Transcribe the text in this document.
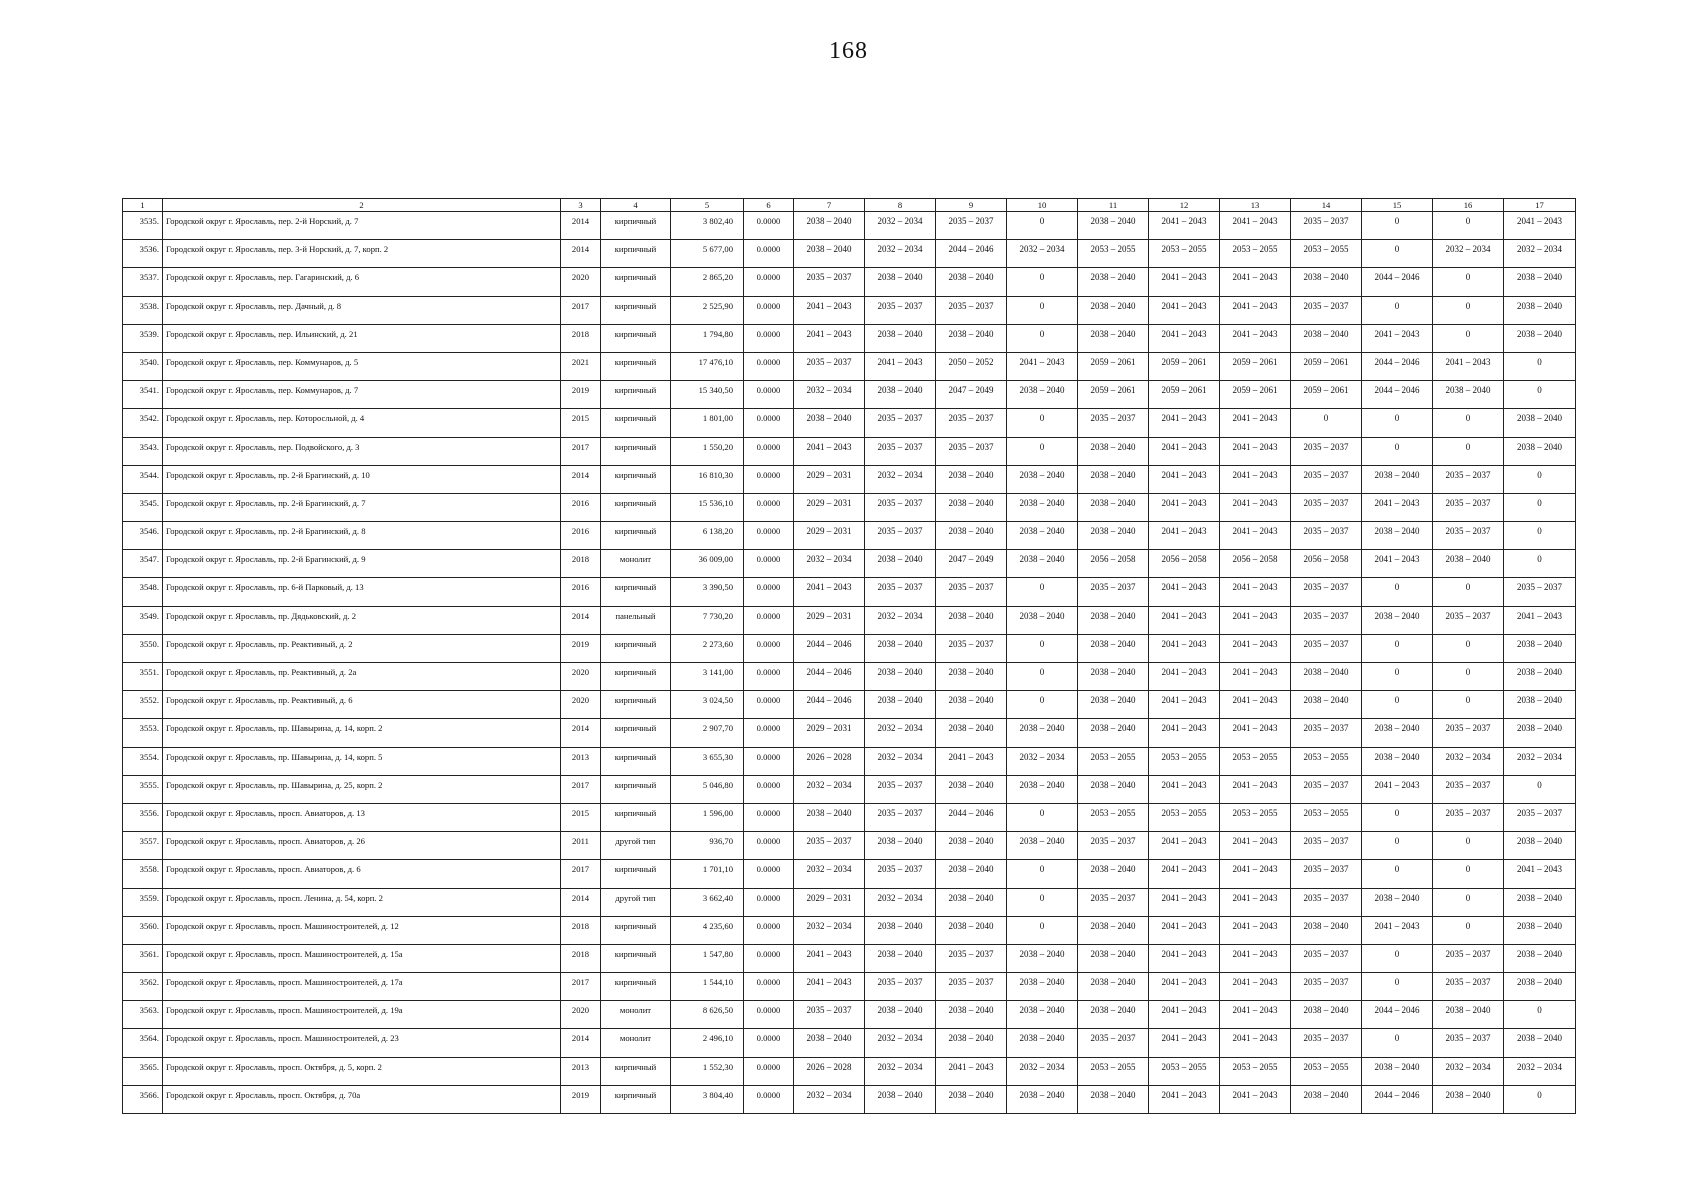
168
1	2	3	4	5	6	7	8	9	10	11	12	13	14	15	16	17
3535.	Городской округ г. Ярославль, пер. 2-й Норский, д. 7	2014	кирпичный	3 802,40	0.0000	2038 – 2040	2032 – 2034	2035 – 2037	0	2038 – 2040	2041 – 2043	2041 – 2043	2035 – 2037	0	0	2041 – 2043
3536.	Городской округ г. Ярославль, пер. 3-й Норский, д. 7, корп. 2	2014	кирпичный	5 677,00	0.0000	2038 – 2040	2032 – 2034	2044 – 2046	2032 – 2034	2053 – 2055	2053 – 2055	2053 – 2055	2053 – 2055	0	2032 – 2034	2032 – 2034
3537.	Городской округ г. Ярославль, пер. Гагаринский, д. 6	2020	кирпичный	2 865,20	0.0000	2035 – 2037	2038 – 2040	2038 – 2040	0	2038 – 2040	2041 – 2043	2041 – 2043	2038 – 2040	2044 – 2046	0	2038 – 2040
3538.	Городской округ г. Ярославль, пер. Дачный, д. 8	2017	кирпичный	2 525,90	0.0000	2041 – 2043	2035 – 2037	2035 – 2037	0	2038 – 2040	2041 – 2043	2041 – 2043	2035 – 2037	0	0	2038 – 2040
3539.	Городской округ г. Ярославль, пер. Ильинский, д. 21	2018	кирпичный	1 794,80	0.0000	2041 – 2043	2038 – 2040	2038 – 2040	0	2038 – 2040	2041 – 2043	2041 – 2043	2038 – 2040	2041 – 2043	0	2038 – 2040
3540.	Городской округ г. Ярославль, пер. Коммунаров, д. 5	2021	кирпичный	17 476,10	0.0000	2035 – 2037	2041 – 2043	2050 – 2052	2041 – 2043	2059 – 2061	2059 – 2061	2059 – 2061	2059 – 2061	2044 – 2046	2041 – 2043	0
3541.	Городской округ г. Ярославль, пер. Коммунаров, д. 7	2019	кирпичный	15 340,50	0.0000	2032 – 2034	2038 – 2040	2047 – 2049	2038 – 2040	2059 – 2061	2059 – 2061	2059 – 2061	2059 – 2061	2044 – 2046	2038 – 2040	0
3542.	Городской округ г. Ярославль, пер. Которосльной, д. 4	2015	кирпичный	1 801,00	0.0000	2038 – 2040	2035 – 2037	2035 – 2037	0	2035 – 2037	2041 – 2043	2041 – 2043	0	0	0	2038 – 2040
3543.	Городской округ г. Ярославль, пер. Подвойского, д. 3	2017	кирпичный	1 550,20	0.0000	2041 – 2043	2035 – 2037	2035 – 2037	0	2038 – 2040	2041 – 2043	2041 – 2043	2035 – 2037	0	0	2038 – 2040
3544.	Городской округ г. Ярославль, пр. 2-й Брагинский, д. 10	2014	кирпичный	16 810,30	0.0000	2029 – 2031	2032 – 2034	2038 – 2040	2038 – 2040	2038 – 2040	2041 – 2043	2041 – 2043	2035 – 2037	2038 – 2040	2035 – 2037	0
3545.	Городской округ г. Ярославль, пр. 2-й Брагинский, д. 7	2016	кирпичный	15 536,10	0.0000	2029 – 2031	2035 – 2037	2038 – 2040	2038 – 2040	2038 – 2040	2041 – 2043	2041 – 2043	2035 – 2037	2041 – 2043	2035 – 2037	0
3546.	Городской округ г. Ярославль, пр. 2-й Брагинский, д. 8	2016	кирпичный	6 138,20	0.0000	2029 – 2031	2035 – 2037	2038 – 2040	2038 – 2040	2038 – 2040	2041 – 2043	2041 – 2043	2035 – 2037	2038 – 2040	2035 – 2037	0
3547.	Городской округ г. Ярославль, пр. 2-й Брагинский, д. 9	2018	монолит	36 009,00	0.0000	2032 – 2034	2038 – 2040	2047 – 2049	2038 – 2040	2056 – 2058	2056 – 2058	2056 – 2058	2056 – 2058	2041 – 2043	2038 – 2040	0
3548.	Городской округ г. Ярославль, пр. 6-й Парковый, д. 13	2016	кирпичный	3 390,50	0.0000	2041 – 2043	2035 – 2037	2035 – 2037	0	2035 – 2037	2041 – 2043	2041 – 2043	2035 – 2037	0	0	2035 – 2037
3549.	Городской округ г. Ярославль, пр. Дядьковский, д. 2	2014	панельный	7 730,20	0.0000	2029 – 2031	2032 – 2034	2038 – 2040	2038 – 2040	2038 – 2040	2041 – 2043	2041 – 2043	2035 – 2037	2038 – 2040	2035 – 2037	2041 – 2043
3550.	Городской округ г. Ярославль, пр. Реактивный, д. 2	2019	кирпичный	2 273,60	0.0000	2044 – 2046	2038 – 2040	2035 – 2037	0	2038 – 2040	2041 – 2043	2041 – 2043	2035 – 2037	0	0	2038 – 2040
3551.	Городской округ г. Ярославль, пр. Реактивный, д. 2а	2020	кирпичный	3 141,00	0.0000	2044 – 2046	2038 – 2040	2038 – 2040	0	2038 – 2040	2041 – 2043	2041 – 2043	2038 – 2040	0	0	2038 – 2040
3552.	Городской округ г. Ярославль, пр. Реактивный, д. 6	2020	кирпичный	3 024,50	0.0000	2044 – 2046	2038 – 2040	2038 – 2040	0	2038 – 2040	2041 – 2043	2041 – 2043	2038 – 2040	0	0	2038 – 2040
3553.	Городской округ г. Ярославль, пр. Шавырина, д. 14, корп. 2	2014	кирпичный	2 907,70	0.0000	2029 – 2031	2032 – 2034	2038 – 2040	2038 – 2040	2038 – 2040	2041 – 2043	2041 – 2043	2035 – 2037	2038 – 2040	2035 – 2037	2038 – 2040
3554.	Городской округ г. Ярославль, пр. Шавырина, д. 14, корп. 5	2013	кирпичный	3 655,30	0.0000	2026 – 2028	2032 – 2034	2041 – 2043	2032 – 2034	2053 – 2055	2053 – 2055	2053 – 2055	2053 – 2055	2038 – 2040	2032 – 2034	2032 – 2034
3555.	Городской округ г. Ярославль, пр. Шавырина, д. 25, корп. 2	2017	кирпичный	5 046,80	0.0000	2032 – 2034	2035 – 2037	2038 – 2040	2038 – 2040	2038 – 2040	2041 – 2043	2041 – 2043	2035 – 2037	2041 – 2043	2035 – 2037	0
3556.	Городской округ г. Ярославль, просп. Авиаторов, д. 13	2015	кирпичный	1 596,00	0.0000	2038 – 2040	2035 – 2037	2044 – 2046	0	2053 – 2055	2053 – 2055	2053 – 2055	2053 – 2055	0	2035 – 2037	2035 – 2037
3557.	Городской округ г. Ярославль, просп. Авиаторов, д. 26	2011	другой тип	936,70	0.0000	2035 – 2037	2038 – 2040	2038 – 2040	2038 – 2040	2035 – 2037	2041 – 2043	2041 – 2043	2035 – 2037	0	0	2038 – 2040
3558.	Городской округ г. Ярославль, просп. Авиаторов, д. 6	2017	кирпичный	1 701,10	0.0000	2032 – 2034	2035 – 2037	2038 – 2040	0	2038 – 2040	2041 – 2043	2041 – 2043	2035 – 2037	0	0	2041 – 2043
3559.	Городской округ г. Ярославль, просп. Ленина, д. 54, корп. 2	2014	другой тип	3 662,40	0.0000	2029 – 2031	2032 – 2034	2038 – 2040	0	2035 – 2037	2041 – 2043	2041 – 2043	2035 – 2037	2038 – 2040	0	2038 – 2040
3560.	Городской округ г. Ярославль, просп. Машиностроителей, д. 12	2018	кирпичный	4 235,60	0.0000	2032 – 2034	2038 – 2040	2038 – 2040	0	2038 – 2040	2041 – 2043	2041 – 2043	2038 – 2040	2041 – 2043	0	2038 – 2040
3561.	Городской округ г. Ярославль, просп. Машиностроителей, д. 15а	2018	кирпичный	1 547,80	0.0000	2041 – 2043	2038 – 2040	2035 – 2037	2038 – 2040	2038 – 2040	2041 – 2043	2041 – 2043	2035 – 2037	0	2035 – 2037	2038 – 2040
3562.	Городской округ г. Ярославль, просп. Машиностроителей, д. 17а	2017	кирпичный	1 544,10	0.0000	2041 – 2043	2035 – 2037	2035 – 2037	2038 – 2040	2038 – 2040	2041 – 2043	2041 – 2043	2035 – 2037	0	2035 – 2037	2038 – 2040
3563.	Городской округ г. Ярославль, просп. Машиностроителей, д. 19а	2020	монолит	8 626,50	0.0000	2035 – 2037	2038 – 2040	2038 – 2040	2038 – 2040	2038 – 2040	2041 – 2043	2041 – 2043	2038 – 2040	2044 – 2046	2038 – 2040	0
3564.	Городской округ г. Ярославль, просп. Машиностроителей, д. 23	2014	монолит	2 496,10	0.0000	2038 – 2040	2032 – 2034	2038 – 2040	2038 – 2040	2035 – 2037	2041 – 2043	2041 – 2043	2035 – 2037	0	2035 – 2037	2038 – 2040
3565.	Городской округ г. Ярославль, просп. Октября, д. 5, корп. 2	2013	кирпичный	1 552,30	0.0000	2026 – 2028	2032 – 2034	2041 – 2043	2032 – 2034	2053 – 2055	2053 – 2055	2053 – 2055	2053 – 2055	2038 – 2040	2032 – 2034	2032 – 2034
3566.	Городской округ г. Ярославль, просп. Октября, д. 70а	2019	кирпичный	3 804,40	0.0000	2032 – 2034	2038 – 2040	2038 – 2040	2038 – 2040	2038 – 2040	2041 – 2043	2041 – 2043	2038 – 2040	2044 – 2046	2038 – 2040	0
